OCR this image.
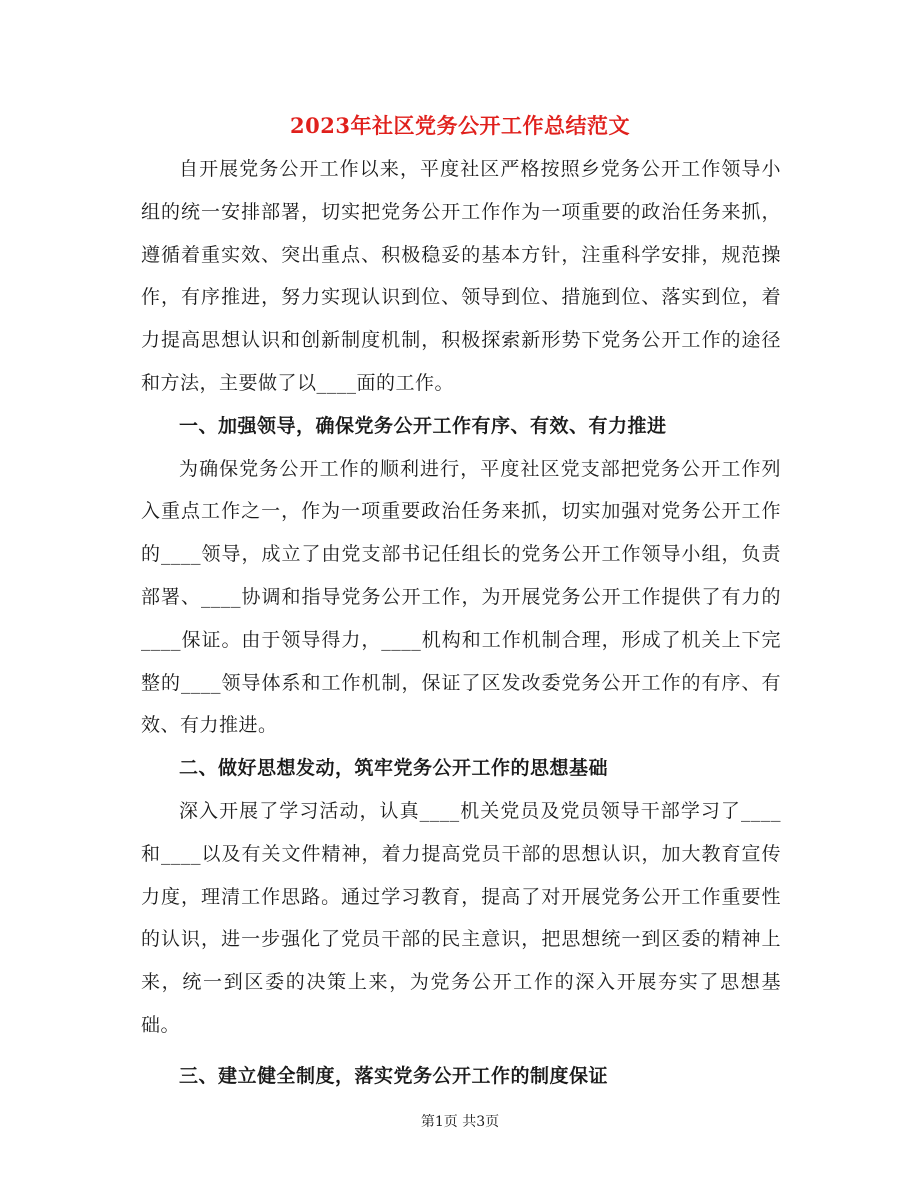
2023年社区党务公开工作总结范文

自开展党务公开工作以来，平度社区严格按照乡党务公开工作领导小组的统一安排部署，切实把党务公开工作作为一项重要的政治任务来抓，遵循着重实效、突出重点、积极稳妥的基本方针，注重科学安排，规范操作，有序推进，努力实现认识到位、领导到位、措施到位、落实到位，着力提高思想认识和创新制度机制，积极探索新形势下党务公开工作的途径和方法，主要做了以____面的工作。

一、加强领导，确保党务公开工作有序、有效、有力推进

为确保党务公开工作的顺利进行，平度社区党支部把党务公开工作列入重点工作之一，作为一项重要政治任务来抓，切实加强对党务公开工作的____领导，成立了由党支部书记任组长的党务公开工作领导小组，负责部署、____协调和指导党务公开工作，为开展党务公开工作提供了有力的____保证。由于领导得力，____机构和工作机制合理，形成了机关上下完整的____领导体系和工作机制，保证了区发改委党务公开工作的有序、有效、有力推进。

二、做好思想发动，筑牢党务公开工作的思想基础

深入开展了学习活动，认真____机关党员及党员领导干部学习了____和____以及有关文件精神，着力提高党员干部的思想认识，加大教育宣传力度，理清工作思路。通过学习教育，提高了对开展党务公开工作重要性的认识，进一步强化了党员干部的民主意识，把思想统一到区委的精神上来，统一到区委的决策上来，为党务公开工作的深入开展夯实了思想基础。

三、建立健全制度，落实党务公开工作的制度保证

第1页 共3页
